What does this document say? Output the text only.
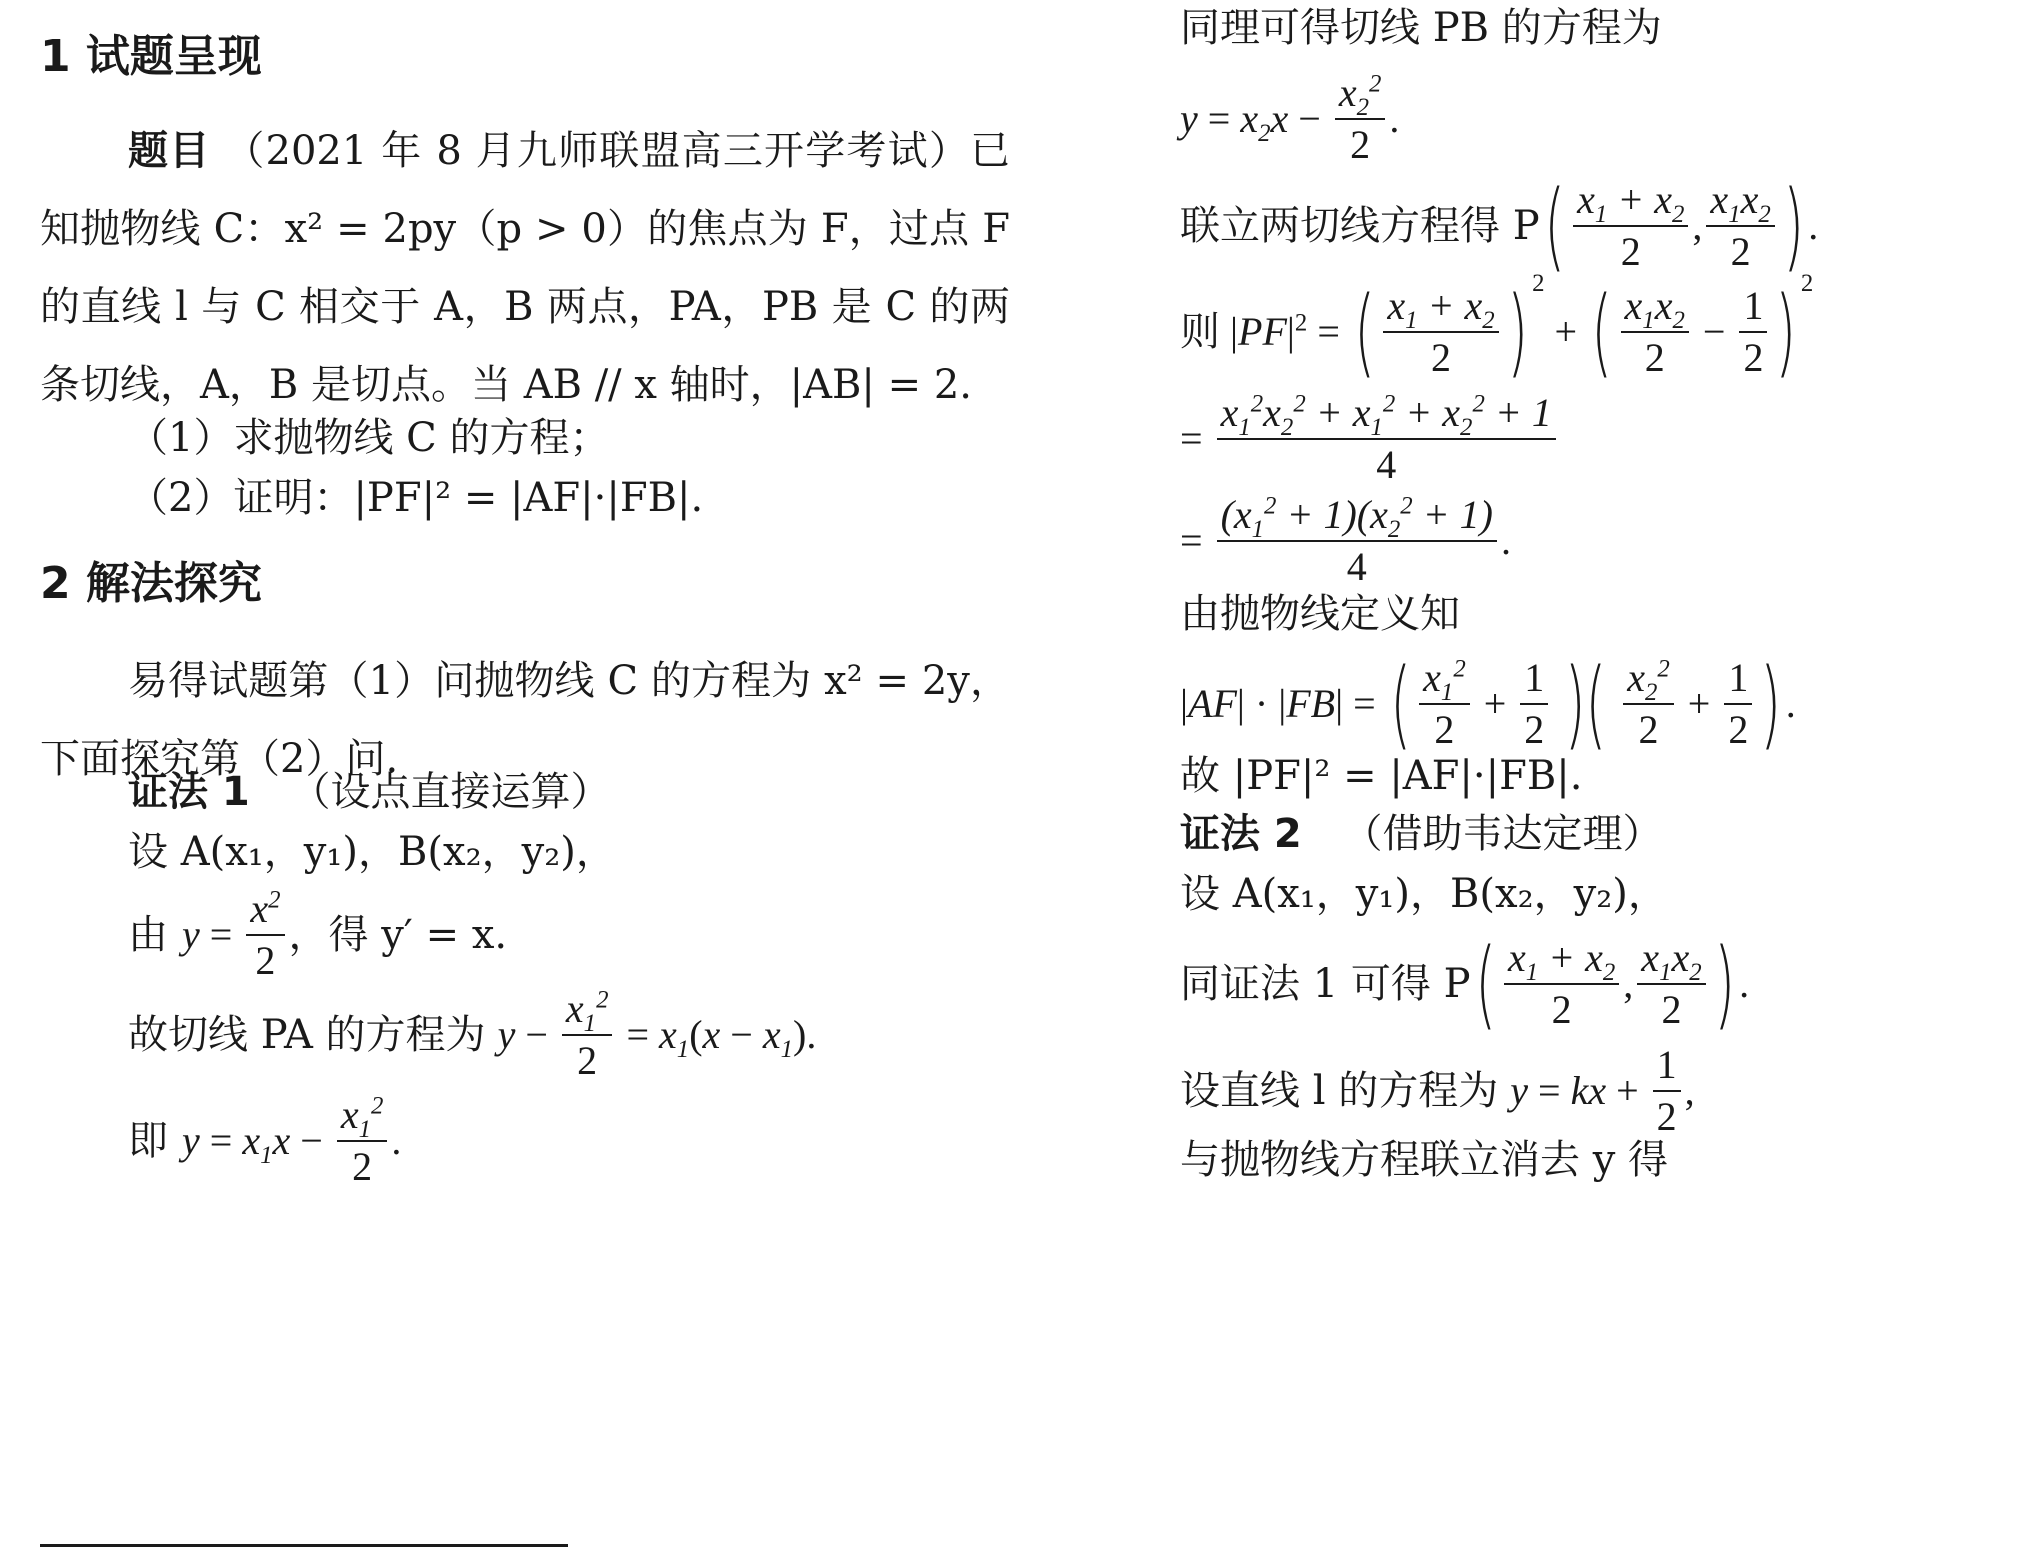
1 试题呈现
题目 （2021 年 8 月九师联盟高三开学考试）已知抛物线 C：x² = 2py（p > 0）的焦点为 F，过点 F 的直线 l 与 C 相交于 A，B 两点，PA，PB 是 C 的两条切线，A，B 是切点。当 AB // x 轴时，|AB| = 2.
（1）求抛物线 C 的方程；
（2）证明：|PF|² = |AF|·|FB|.
2 解法探究
易得试题第（1）问抛物线 C 的方程为 x² = 2y，下面探究第（2）问.
证法 1 （设点直接运算）
设 A(x₁，y₁)，B(x₂，y₂)，
由 $y = \frac{x^2}{2}$ ，得 y′ = x.
故切线 PA 的方程为 $y - \frac{x_1^2}{2} = x_1$ ( $x - x_1$ ).
即 $y = x_1x - \frac{x_1^2}{2}$ .
同理可得切线 PB 的方程为
$y = x_2x - \frac{x_2^2}{2}$ .
联立两切线方程得 P ( $\frac{x_1 + x_2}{2}$ , $\frac{x_1x_2}{2}$ ) .
则 | PF $|^2$ = ( $\frac{x_1 + x_2}{2}$ ) 2
+ ( $\frac{x_1x_2}{2} - \frac{1}{2}$ ) 2
= $\frac{x_1^2x_2^2 + x_1^2 + x_2^2 + 1}{4}$
= $\frac{(x_1^2 + 1)(x_2^2 + 1)}{4}$ .
由抛物线定义知
| AF | · | FB | = ( $\frac{x_1^2}{2} + \frac{1}{2}$ )( $\frac{x_2^2}{2} + \frac{1}{2}$ ) .
故 |PF|² = |AF|·|FB|.
证法 2 （借助韦达定理）
设 A(x₁，y₁)，B(x₂，y₂)，
同证法 1 可得 P ( $\frac{x_1 + x_2}{2}$ , $\frac{x_1x_2}{2}$ ) .
设直线 l 的方程为 y = kx + $\frac{1}{2}$ ,
与抛物线方程联立消去 y 得
